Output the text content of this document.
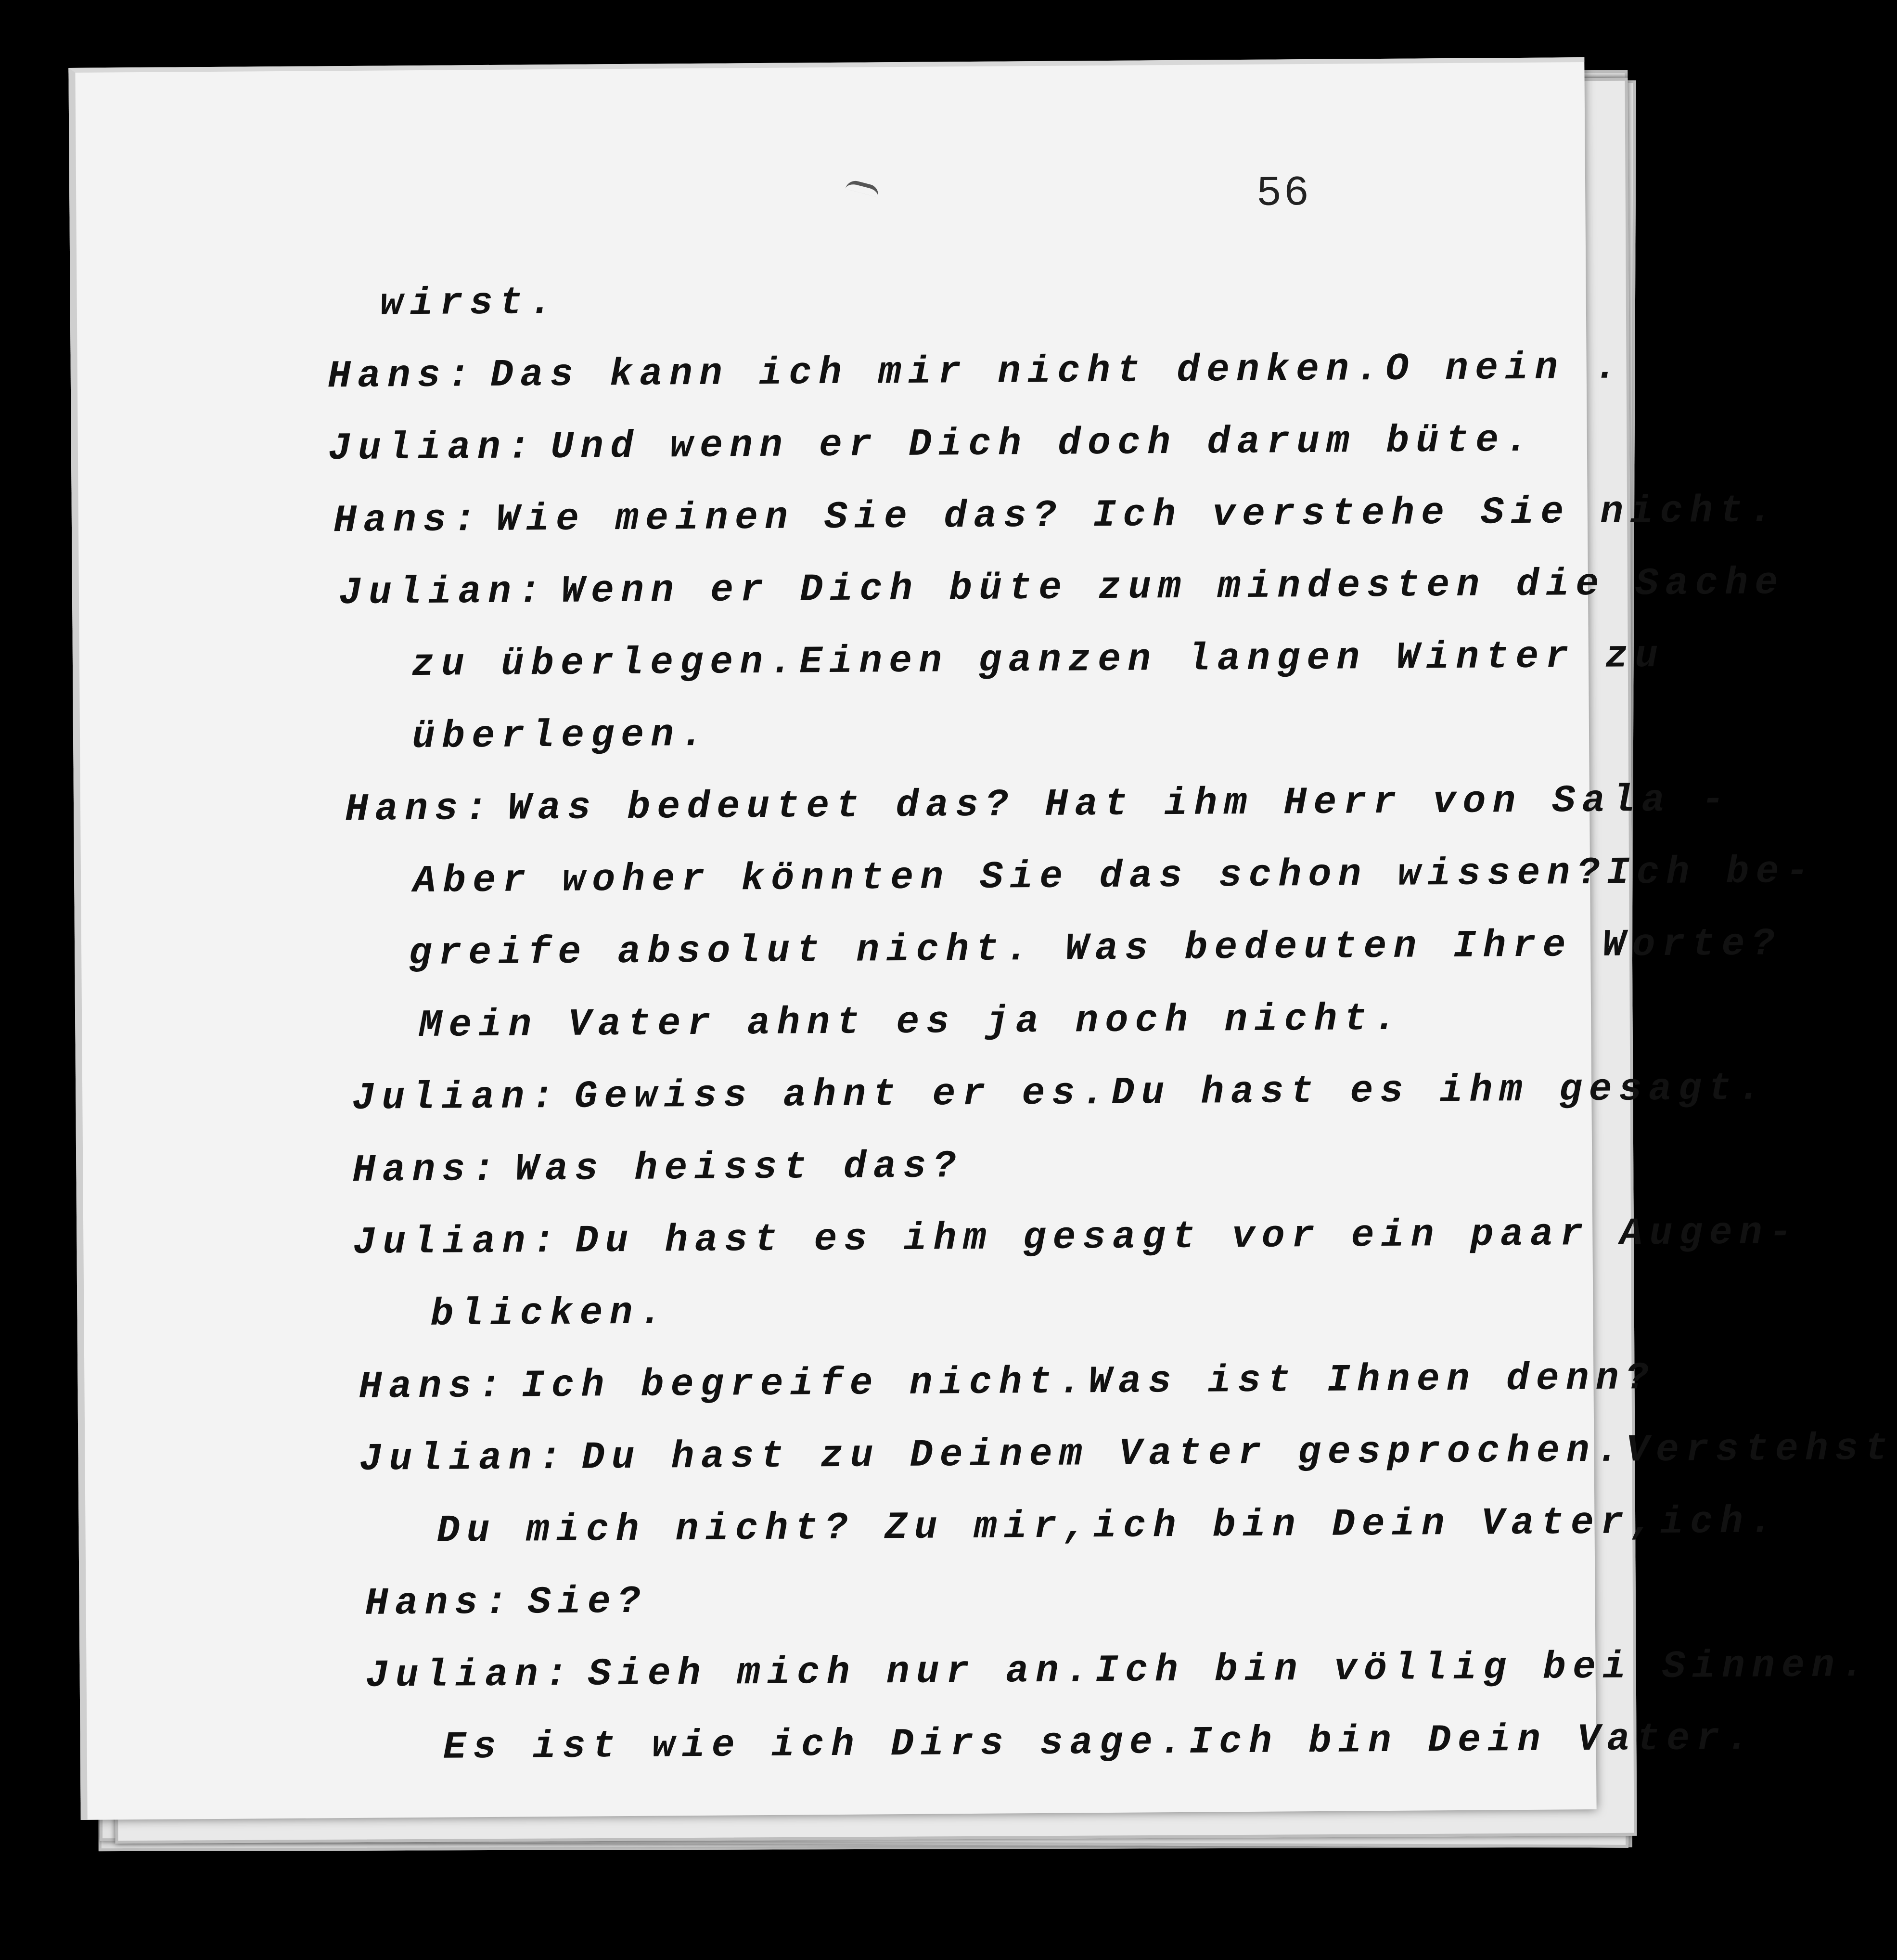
56
wirst.
Hans: Das kann ich mir nicht denken.O nein .
Julian: Und wenn er Dich doch darum büte.
Hans: Wie meinen Sie das? Ich verstehe Sie nicht.
Julian: Wenn er Dich büte zum mindesten die Sache
zu überlegen.Einen ganzen langen Winter zu
überlegen.
Hans: Was bedeutet das? Hat ihm Herr von Sala -
Aber woher könnten Sie das schon wissen?Ich be-
greife absolut nicht. Was bedeuten Ihre Worte?
Mein Vater ahnt es ja noch nicht.
Julian: Gewiss ahnt er es.Du hast es ihm gesagt.
Hans: Was heisst das?
Julian: Du hast es ihm gesagt vor ein paar Augen-
blicken.
Hans: Ich begreife nicht.Was ist Ihnen denn?
Julian: Du hast zu Deinem Vater gesprochen.Verstehst
Du mich nicht? Zu mir,ich bin Dein Vater,ich.
Hans: Sie?
Julian: Sieh mich nur an.Ich bin völlig bei Sinnen.
Es ist wie ich Dirs sage.Ich bin Dein Vater.
